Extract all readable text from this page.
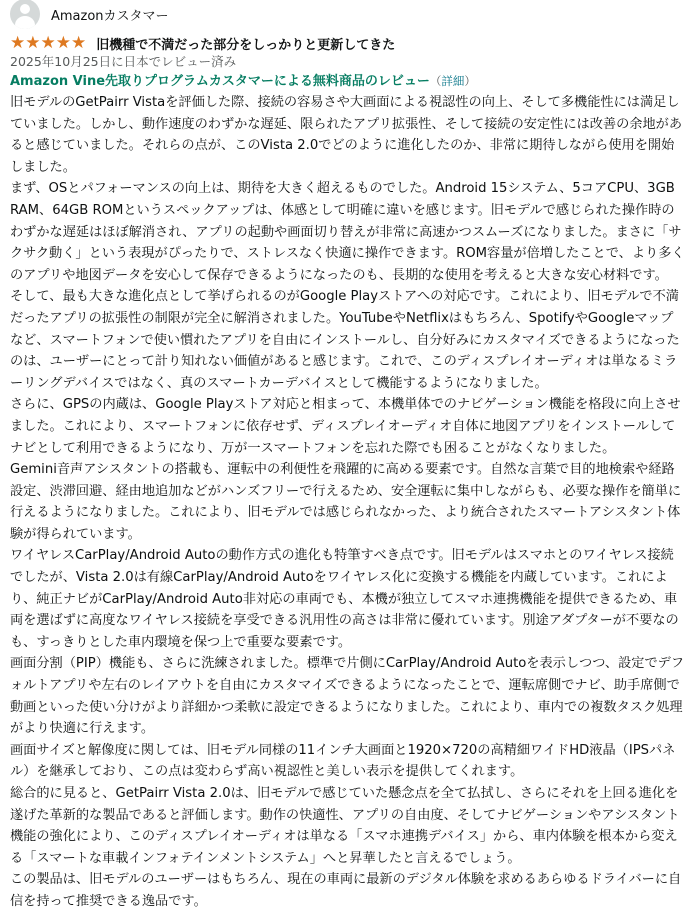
Amazonカスタマー
★ ★ ★ ★ ★ 旧機種で不満だった部分をしっかりと更新してきた
2025年10月25日に日本でレビュー済み
Amazon Vine先取りプログラムカスタマーによる無料商品のレビュー（詳細）

旧モデルのGetPairr Vistaを評価した際、接続の容易さや大画面による視認性の向上、そして多機能性には満足していました。しかし、動作速度のわずかな遅延、限られたアプリ拡張性、そして接続の安定性には改善の余地があると感じていました。それらの点が、このVista 2.0でどのように進化したのか、非常に期待しながら使用を開始しました。

まず、OSとパフォーマンスの向上は、期待を大きく超えるものでした。Android 15システム、5コアCPU、3GB RAM、64GB ROMというスペックアップは、体感として明確に違いを感じます。旧モデルで感じられた操作時のわずかな遅延はほぼ解消され、アプリの起動や画面切り替えが非常に高速かつスムーズになりました。まさに「サクサク動く」という表現がぴったりで、ストレスなく快適に操作できます。ROM容量が倍増したことで、より多くのアプリや地図データを安心して保存できるようになったのも、長期的な使用を考えると大きな安心材料です。

そして、最も大きな進化点として挙げられるのがGoogle Playストアへの対応です。これにより、旧モデルで不満だったアプリの拡張性の制限が完全に解消されました。YouTubeやNetflixはもちろん、SpotifyやGoogleマップなど、スマートフォンで使い慣れたアプリを自由にインストールし、自分好みにカスタマイズできるようになったのは、ユーザーにとって計り知れない価値があると感じます。これで、このディスプレイオーディオは単なるミラーリングデバイスではなく、真のスマートカーデバイスとして機能するようになりました。

さらに、GPSの内蔵は、Google Playストア対応と相まって、本機単体でのナビゲーション機能を格段に向上させました。これにより、スマートフォンに依存せず、ディスプレイオーディオ自体に地図アプリをインストールしてナビとして利用できるようになり、万が一スマートフォンを忘れた際でも困ることがなくなりました。

Gemini音声アシスタントの搭載も、運転中の利便性を飛躍的に高める要素です。自然な言葉で目的地検索や経路設定、渋滞回避、経由地追加などがハンズフリーで行えるため、安全運転に集中しながらも、必要な操作を簡単に行えるようになりました。これにより、旧モデルでは感じられなかった、より統合されたスマートアシスタント体験が得られています。

ワイヤレスCarPlay/Android Autoの動作方式の進化も特筆すべき点です。旧モデルはスマホとのワイヤレス接続でしたが、Vista 2.0は有線CarPlay/Android Autoをワイヤレス化に変換する機能を内蔵しています。これにより、純正ナビがCarPlay/Android Auto非対応の車両でも、本機が独立してスマホ連携機能を提供できるため、車両を選ばずに高度なワイヤレス接続を享受できる汎用性の高さは非常に優れています。別途アダプターが不要なのも、すっきりとした車内環境を保つ上で重要な要素です。

画面分割（PIP）機能も、さらに洗練されました。標準で片側にCarPlay/Android Autoを表示しつつ、設定でデフォルトアプリや左右のレイアウトを自由にカスタマイズできるようになったことで、運転席側でナビ、助手席側で動画といった使い分けがより詳細かつ柔軟に設定できるようになりました。これにより、車内での複数タスク処理がより快適に行えます。

画面サイズと解像度に関しては、旧モデル同様の11インチ大画面と1920×720の高精細ワイドHD液晶（IPSパネル）を継承しており、この点は変わらず高い視認性と美しい表示を提供してくれます。

総合的に見ると、GetPairr Vista 2.0は、旧モデルで感じていた懸念点を全て払拭し、さらにそれを上回る進化を遂げた革新的な製品であると評価します。動作の快適性、アプリの自由度、そしてナビゲーションやアシスタント機能の強化により、このディスプレイオーディオは単なる「スマホ連携デバイス」から、車内体験を根本から変える「スマートな車載インフォテインメントシステム」へと昇華したと言えるでしょう。

この製品は、旧モデルのユーザーはもちろん、現在の車両に最新のデジタル体験を求めるあらゆるドライバーに自信を持って推奨できる逸品です。
